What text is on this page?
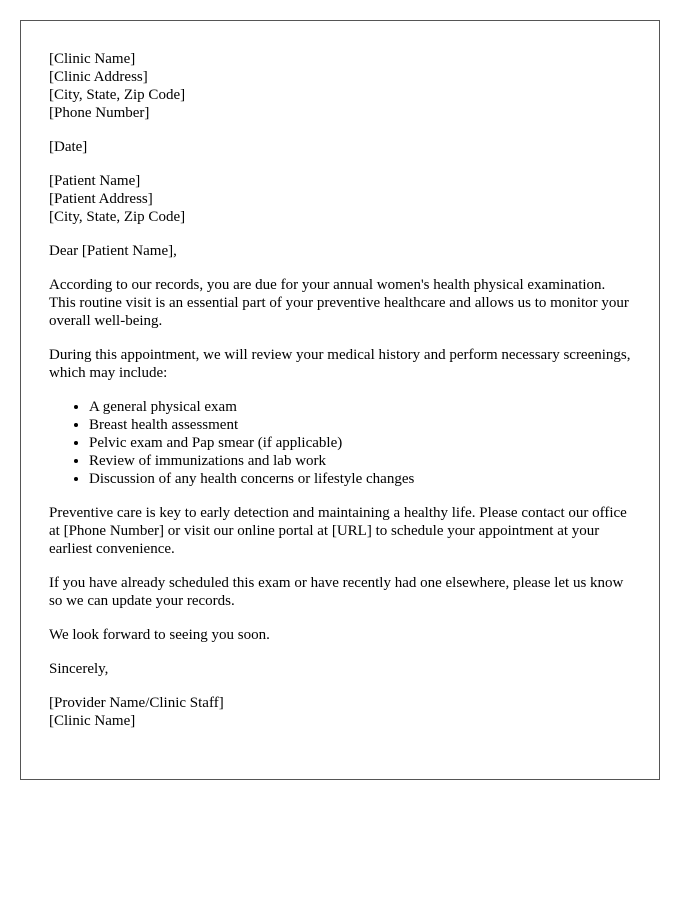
[Clinic Name]
[Clinic Address]
[City, State, Zip Code]
[Phone Number]
[Date]
[Patient Name]
[Patient Address]
[City, State, Zip Code]

Dear [Patient Name],

According to our records, you are due for your annual women's health physical examination. This routine visit is an essential part of your preventive healthcare and allows us to monitor your overall well-being.

During this appointment, we will review your medical history and perform necessary screenings, which may include:

• A general physical exam
• Breast health assessment
• Pelvic exam and Pap smear (if applicable)
• Review of immunizations and lab work
• Discussion of any health concerns or lifestyle changes

Preventive care is key to early detection and maintaining a healthy life. Please contact our office at [Phone Number] or visit our online portal at [URL] to schedule your appointment at your earliest convenience.

If you have already scheduled this exam or have recently had one elsewhere, please let us know so we can update your records.

We look forward to seeing you soon.

Sincerely,

[Provider Name/Clinic Staff]
[Clinic Name]
